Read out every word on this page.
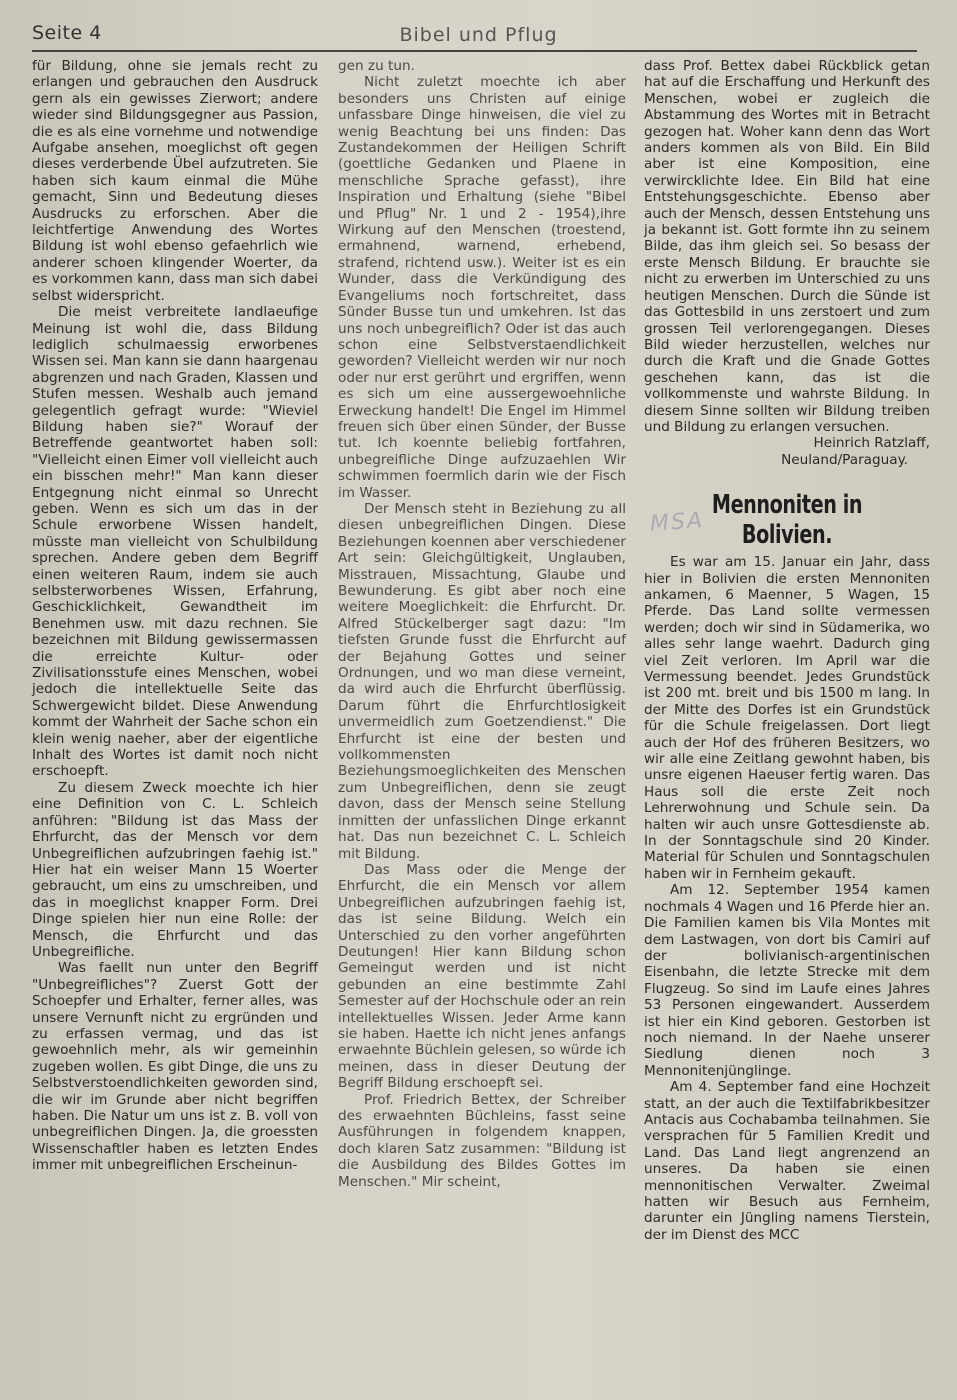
Seite 4	Bibel und Pflug

für Bildung, ohne sie jemals recht zu erlangen und gebrauchen den Ausdruck gern als ein gewisses Zierwort; andere wieder sind Bildungsgegner aus Passion, die es als eine vornehme und notwendige Aufgabe ansehen, moeglichst oft gegen dieses verderbende Übel aufzutreten. Sie haben sich kaum einmal die Mühe gemacht, Sinn und Bedeutung dieses Ausdrucks zu erforschen. Aber die leichtfertige Anwendung des Wortes Bildung ist wohl ebenso gefaehrlich wie anderer schoen klingender Woerter, da es vorkommen kann, dass man sich dabei selbst widerspricht.

Die meist verbreitete landlaeufige Meinung ist wohl die, dass Bildung lediglich schulmaessig erworbenes Wissen sei. Man kann sie dann haargenau abgrenzen und nach Graden, Klassen und Stufen messen. Weshalb auch jemand gelegentlich gefragt wurde: "Wieviel Bildung haben sie?" Worauf der Betreffende geantwortet haben soll: "Vielleicht einen Eimer voll vielleicht auch ein bisschen mehr!" Man kann dieser Entgegnung nicht einmal so Unrecht geben. Wenn es sich um das in der Schule erworbene Wissen handelt, müsste man vielleicht von Schulbildung sprechen. Andere geben dem Begriff einen weiteren Raum, indem sie auch selbsterworbenes Wissen, Erfahrung, Geschicklichkeit, Gewandtheit im Benehmen usw. mit dazu rechnen. Sie bezeichnen mit Bildung gewissermassen die erreichte Kultur- oder Zivilisationsstufe eines Menschen, wobei jedoch die intellektuelle Seite das Schwergewicht bildet. Diese Anwendung kommt der Wahrheit der Sache schon ein klein wenig naeher, aber der eigentliche Inhalt des Wortes ist damit noch nicht erschoepft.

Zu diesem Zweck moechte ich hier eine Definition von C. L. Schleich anführen: "Bildung ist das Mass der Ehrfurcht, das der Mensch vor dem Unbegreiflichen aufzubringen faehig ist." Hier hat ein weiser Mann 15 Woerter gebraucht, um eins zu umschreiben, und das in moeglichst knapper Form. Drei Dinge spielen hier nun eine Rolle: der Mensch, die Ehrfurcht und das Unbegreifliche.

Was faellt nun unter den Begriff "Unbegreifliches"? Zuerst Gott der Schoepfer und Erhalter, ferner alles, was unsere Vernunft nicht zu ergründen und zu erfassen vermag, und das ist gewoehnlich mehr, als wir gemeinhin zugeben wollen. Es gibt Dinge, die uns zu Selbstverstoendlichkeiten geworden sind, die wir im Grunde aber nicht begriffen haben. Die Natur um uns ist z. B. voll von unbegreiflichen Dingen. Ja, die groessten Wissenschaftler haben es letzten Endes immer mit unbegreiflichen Erscheinun-

gen zu tun.

Nicht zuletzt moechte ich aber besonders uns Christen auf einige unfassbare Dinge hinweisen, die viel zu wenig Beachtung bei uns finden: Das Zustandekommen der Heiligen Schrift (goettliche Gedanken und Plaene in menschliche Sprache gefasst), ihre Inspiration und Erhaltung (siehe "Bibel und Pflug" Nr. 1 und 2 - 1954),ihre Wirkung auf den Menschen (troestend, ermahnend, warnend, erhebend, strafend, richtend usw.). Weiter ist es ein Wunder, dass die Verkündigung des Evangeliums noch fortschreitet, dass Sünder Busse tun und umkehren. Ist das uns noch unbegreiflich? Oder ist das auch schon eine Selbstverstaendlichkeit geworden? Vielleicht werden wir nur noch oder nur erst gerührt und ergriffen, wenn es sich um eine aussergewoehnliche Erweckung handelt! Die Engel im Himmel freuen sich über einen Sünder, der Busse tut. Ich koennte beliebig fortfahren, unbegreifliche Dinge aufzuzaehlen Wir schwimmen foermlich darin wie der Fisch im Wasser.

Der Mensch steht in Beziehung zu all diesen unbegreiflichen Dingen. Diese Beziehungen koennen aber verschiedener Art sein: Gleichgültigkeit, Unglauben, Misstrauen, Missachtung, Glaube und Bewunderung. Es gibt aber noch eine weitere Moeglichkeit: die Ehrfurcht. Dr. Alfred Stückelberger sagt dazu: "Im tiefsten Grunde fusst die Ehrfurcht auf der Bejahung Gottes und seiner Ordnungen, und wo man diese verneint, da wird auch die Ehrfurcht überflüssig. Darum führt die Ehrfurchtlosigkeit unvermeidlich zum Goetzendienst." Die Ehrfurcht ist eine der besten und vollkommensten Beziehungsmoeglichkeiten des Menschen zum Unbegreiflichen, denn sie zeugt davon, dass der Mensch seine Stellung inmitten der unfasslichen Dinge erkannt hat. Das nun bezeichnet C. L. Schleich mit Bildung.

Das Mass oder die Menge der Ehrfurcht, die ein Mensch vor allem Unbegreiflichen aufzubringen faehig ist, das ist seine Bildung. Welch ein Unterschied zu den vorher angeführten Deutungen! Hier kann Bildung schon Gemeingut werden und ist nicht gebunden an eine bestimmte Zahl Semester auf der Hochschule oder an rein intellektuelles Wissen. Jeder Arme kann sie haben. Haette ich nicht jenes anfangs erwaehnte Büchlein gelesen, so würde ich meinen, dass in dieser Deutung der Begriff Bildung erschoepft sei.

Prof. Friedrich Bettex, der Schreiber des erwaehnten Büchleins, fasst seine Ausführungen in folgendem knappen, doch klaren Satz zusammen: "Bildung ist die Ausbildung des Bildes Gottes im Menschen." Mir scheint,

dass Prof. Bettex dabei Rückblick getan hat auf die Erschaffung und Herkunft des Menschen, wobei er zugleich die Abstammung des Wortes mit in Betracht gezogen hat. Woher kann denn das Wort anders kommen als von Bild. Ein Bild aber ist eine Komposition, eine verwircklichte Idee. Ein Bild hat eine Entstehungsgeschichte. Ebenso aber auch der Mensch, dessen Entstehung uns ja bekannt ist. Gott formte ihn zu seinem Bilde, das ihm gleich sei. So besass der erste Mensch Bildung. Er brauchte sie nicht zu erwerben im Unterschied zu uns heutigen Menschen. Durch die Sünde ist das Gottesbild in uns zerstoert und zum grossen Teil verlorengegangen. Dieses Bild wieder herzustellen, welches nur durch die Kraft und die Gnade Gottes geschehen kann, das ist die vollkommenste und wahrste Bildung. In diesem Sinne sollten wir Bildung treiben und Bildung zu erlangen versuchen.

Heinrich Ratzlaff,

Neuland/Paraguay.

Mennoniten in Bolivien.

Es war am 15. Januar ein Jahr, dass hier in Bolivien die ersten Mennoniten ankamen, 6 Maenner, 5 Wagen, 15 Pferde. Das Land sollte vermessen werden; doch wir sind in Südamerika, wo alles sehr lange waehrt. Dadurch ging viel Zeit verloren. Im April war die Vermessung beendet. Jedes Grundstück ist 200 mt. breit und bis 1500 m lang. In der Mitte des Dorfes ist ein Grundstück für die Schule freigelassen. Dort liegt auch der Hof des früheren Besitzers, wo wir alle eine Zeitlang gewohnt haben, bis unsre eigenen Haeuser fertig waren. Das Haus soll die erste Zeit noch Lehrerwohnung und Schule sein. Da halten wir auch unsre Gottesdienste ab. In der Sonntagschule sind 20 Kinder. Material für Schulen und Sonntagschulen haben wir in Fernheim gekauft.

Am 12. September 1954 kamen nochmals 4 Wagen und 16 Pferde hier an. Die Familien kamen bis Vila Montes mit dem Lastwagen, von dort bis Camiri auf der bolivianisch-argentinischen Eisenbahn, die letzte Strecke mit dem Flugzeug. So sind im Laufe eines Jahres 53 Personen eingewandert. Ausserdem ist hier ein Kind geboren. Gestorben ist noch niemand. In der Naehe unserer Siedlung dienen noch 3 Mennonitenjünglinge.

Am 4. September fand eine Hochzeit statt, an der auch die Textilfabrikbesitzer Antacis aus Cochabamba teilnahmen. Sie versprachen für 5 Familien Kredit und Land. Das Land liegt angrenzend an unseres. Da haben sie einen mennonitischen Verwalter. Zweimal hatten wir Besuch aus Fernheim, darunter ein Jüngling namens Tierstein, der im Dienst des MCC

MSA
